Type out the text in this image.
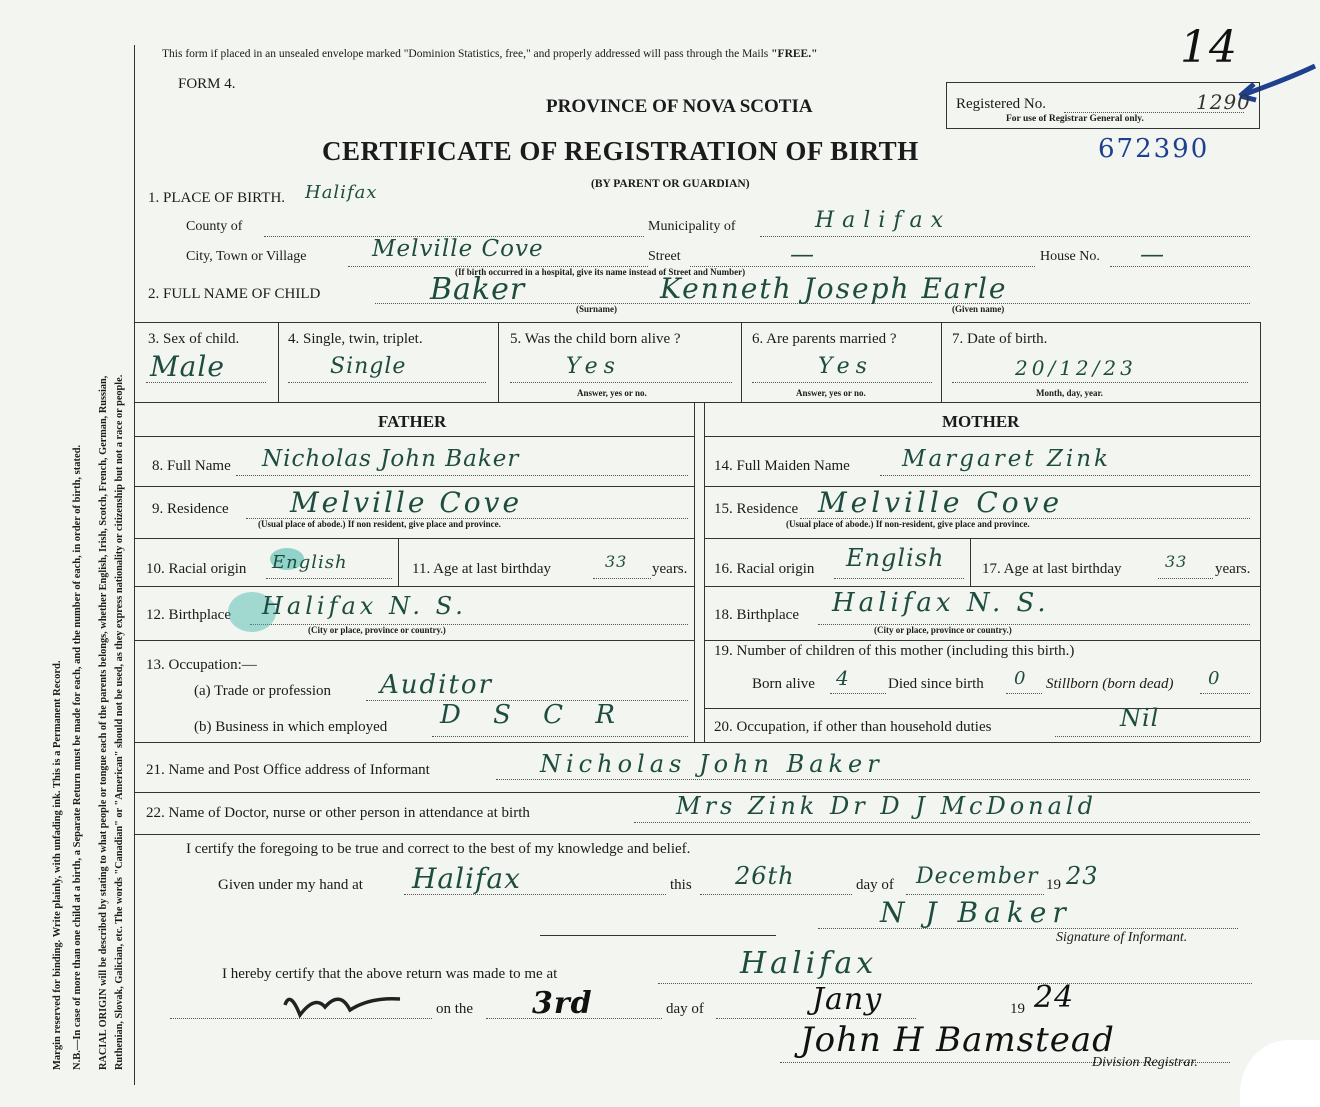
Margin reserved for binding. Write plainly, with unfading ink. This is a Permanent Record. N.B.—In case of more than one child at a birth, a Separate Return must be made for each, and the number of each, in order of birth, stated. RACIAL ORIGIN will be described by stating to what people or tongue each of the parents belongs, whether English, Irish, Scotch, French, German, Russian, Ruthenian, Slovak, Galician, etc. The words "Canadian" or "American" should not be used, as they express nationality or citizenship but not a race or people.
This form if placed in an unsealed envelope marked "Dominion Statistics, free," and properly addressed will pass through the Mails "FREE."
FORM 4.
PROVINCE OF NOVA SCOTIA
CERTIFICATE OF REGISTRATION OF BIRTH
(BY PARENT OR GUARDIAN)
672390
14
Registered No.	1290
For use of Registrar General only.
1. PLACE OF BIRTH. Halifax
County of	Municipality of	Halifax
City, Town or Village	Melville Cove	Street	—	House No. —
(If birth occurred in a hospital, give its name instead of Street and Number)
2. FULL NAME OF CHILD	Baker	Kenneth Joseph Earle
(Surname)	(Given name)
3. Sex of child.
Male
4. Single, twin, triplet.
Single
5. Was the child born alive ?
Yes
Answer, yes or no.
6. Are parents married ?
Yes
Answer, yes or no.
7. Date of birth.
20/12/23
Month, day, year.
FATHER	MOTHER
8. Full Name Nicholas John Baker	14. Full Maiden Name Margaret Zink
9. Residence Melville Cove
(Usual place of abode.) If non resident, give place and province.
15. Residence Melville Cove
(Usual place of abode.) If non-resident, give place and province.
10. Racial origin English	11. Age at last birthday	33 years. 16. Racial origin English	17. Age at last birthday	33 years.
12. Birthplace Halifax N. S.
(City or place, province or country.)
18. Birthplace Halifax N. S.
(City or place, province or country.)
13. Occupation:—
(a) Trade or profession Auditor
(b) Business in which employed D S C R
19. Number of children of this mother (including this birth.)
Born alive 4	Died since birth 0 Stillborn (born dead) 0
20. Occupation, if other than household duties	Nil
21. Name and Post Office address of Informant	Nicholas John Baker
22. Name of Doctor, nurse or other person in attendance at birth	Mrs Zink Dr D J McDonald
I certify the foregoing to be true and correct to the best of my knowledge and belief.
Given under my hand at Halifax	this 26th	day of December 19 23
N J Baker
Signature of Informant.
I hereby certify that the above return was made to me at	Halifax
on the 3rd	day of	Jany	19 24
John H Bamstead
Division Registrar.
